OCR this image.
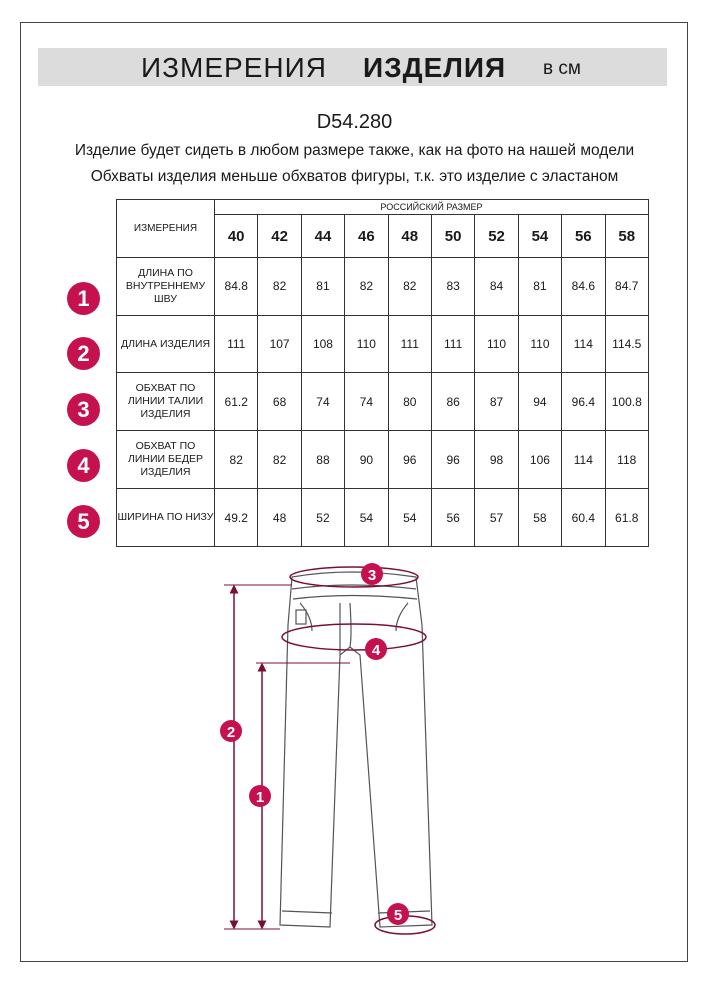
ИЗМЕРЕНИЯ ИЗДЕЛИЯ в см
D54.280
Изделие будет сидеть в любом размере также, как на фото на нашей модели
Обхваты изделия меньше обхватов фигуры, т.к. это изделие с эластаном
ИЗМЕРЕНИЯ	РОССИЙСКИЙ РАЗМЕР									
	40	42	44	46	48	50	52	54	56	58
ДЛИНА ПО ВНУТРЕННЕМУ ШВУ	84.8	82	81	82	82	83	84	81	84.6	84.7
ДЛИНА ИЗДЕЛИЯ	111	107	108	110	111	111	110	110	114	114.5
ОБХВАТ ПО ЛИНИИ ТАЛИИ ИЗДЕЛИЯ	61.2	68	74	74	80	86	87	94	96.4	100.8
ОБХВАТ ПО ЛИНИИ БЕДЕР ИЗДЕЛИЯ	82	82	88	90	96	96	98	106	114	118
ШИРИНА ПО НИЗУ	49.2	48	52	54	54	56	57	58	60.4	61.8
1
2
3
4
5
3
4
2
1
5
